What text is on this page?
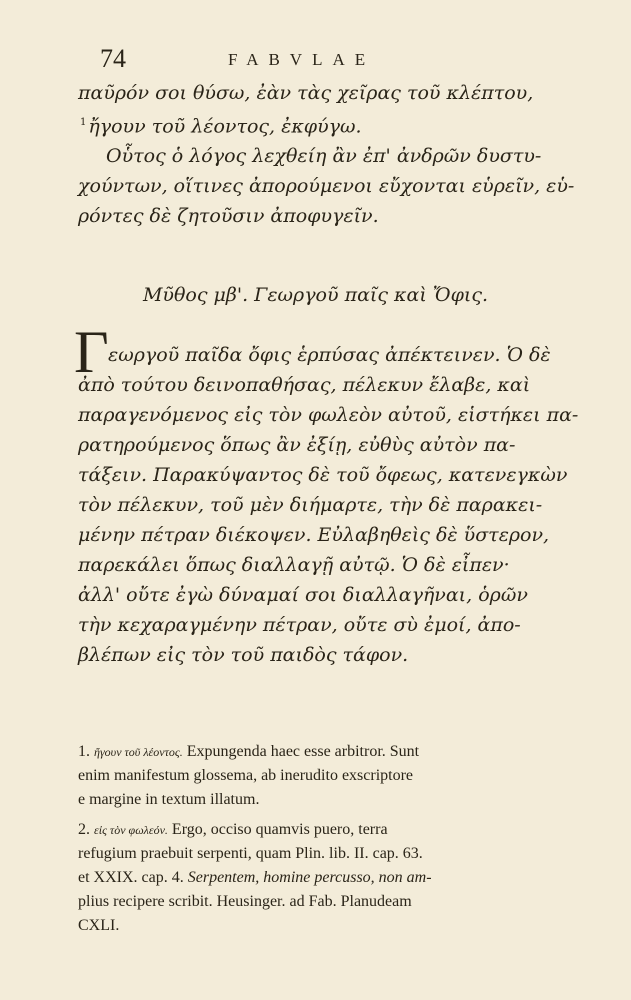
74	FABVLAE
παῦρόν σοι θύσω, ἐὰν τὰς χεῖρας τοῦ κλέπτου,
$^1$ ἤγουν τοῦ λέοντος, ἐκφύγω.
Οὗτος ὁ λόγος λεχθείη ἂν ἐπ' ἀνδρῶν δυστυ-
χούντων, οἵτινες ἀπορούμενοι εὔχονται εὑρεῖν, εὑ-
ρόντες δὲ ζητοῦσιν ἀποφυγεῖν.
Μῦθος μβ'. Γεωργοῦ παῖς καὶ Ὄφις.
Γ εωργοῦ παῖδα ὄφις ἑρπύσας ἀπέκτεινεν. Ὁ δὲ
ἀπὸ τούτου δεινοπαθήσας, πέλεκυν ἔλαβε, καὶ
παραγενόμενος εἰς τὸν φωλεὸν αὐτοῦ, εἱστήκει πα-
ρατηρούμενος ὅπως ἂν ἐξίῃ, εὐθὺς αὐτὸν πα-
τάξειν. Παρακύψαντος δὲ τοῦ ὄφεως, κατενεγκὼν
τὸν πέλεκυν, τοῦ μὲν διήμαρτε, τὴν δὲ παρακει-
μένην πέτραν διέκοψεν. Εὐλαβηθεὶς δὲ ὕστερον,
παρεκάλει ὅπως διαλλαγῇ αὐτῷ. Ὁ δὲ εἶπεν·
ἀλλ' οὔτε ἐγὼ δύναμαί σοι διαλλαγῆναι, ὁρῶν
τὴν κεχαραγμένην πέτραν, οὔτε σὺ ἐμοί, ἀπο-
βλέπων εἰς τὸν τοῦ παιδὸς τάφον.
1. ἤγουν τοῦ λέοντος. Expungenda haec esse arbitror. Sunt
enim manifestum glossema, ab inerudito exscriptore
e margine in textum illatum.
2. εἰς τὸν φωλεόν. Ergo, occiso quamvis puero, terra
refugium praebuit serpenti, quam Plin. lib. II. cap. 63.
et XXIX. cap. 4. Serpentem, homine percusso, non am-
plius recipere scribit. Heusinger. ad Fab. Planudeam
CXLI.
